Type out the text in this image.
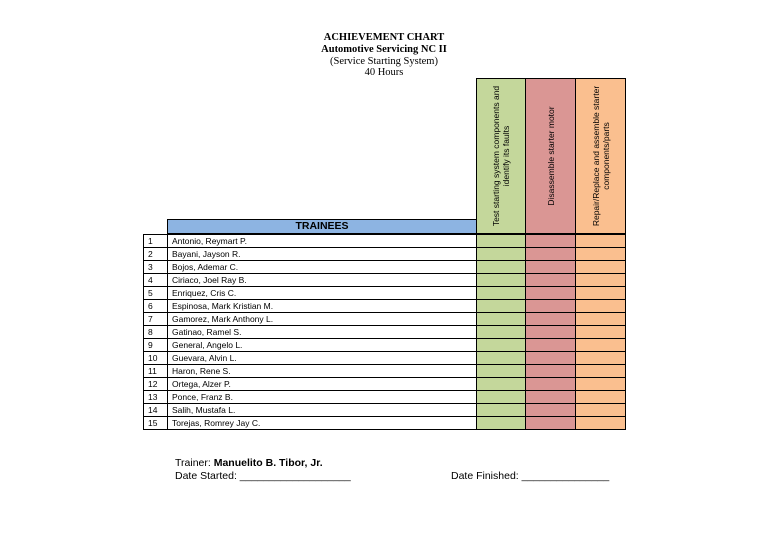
ACHIEVEMENT CHART
Automotive Servicing NC II
(Service Starting System)
40 Hours
Test starting system components and identify its faults	Disassemble starter motor	Repair/Replace and assemble starter components/parts
TRAINEES
1	Antonio, Reymart P.
2	Bayani, Jayson R.
3	Bojos, Ademar C.
4	Ciriaco, Joel Ray B.
5	Enriquez, Cris C.
6	Espinosa, Mark Kristian M.
7	Gamorez, Mark Anthony L.
8	Gatinao, Ramel S.
9	General, Angelo L.
10	Guevara, Alvin L.
11	Haron, Rene S.
12	Ortega, Alzer P.
13	Ponce, Franz B.
14	Salih, Mustafa L.
15	Torejas, Romrey Jay C.
Trainer: Manuelito B. Tibor, Jr.
Date Started: ___________________	Date Finished: _______________
